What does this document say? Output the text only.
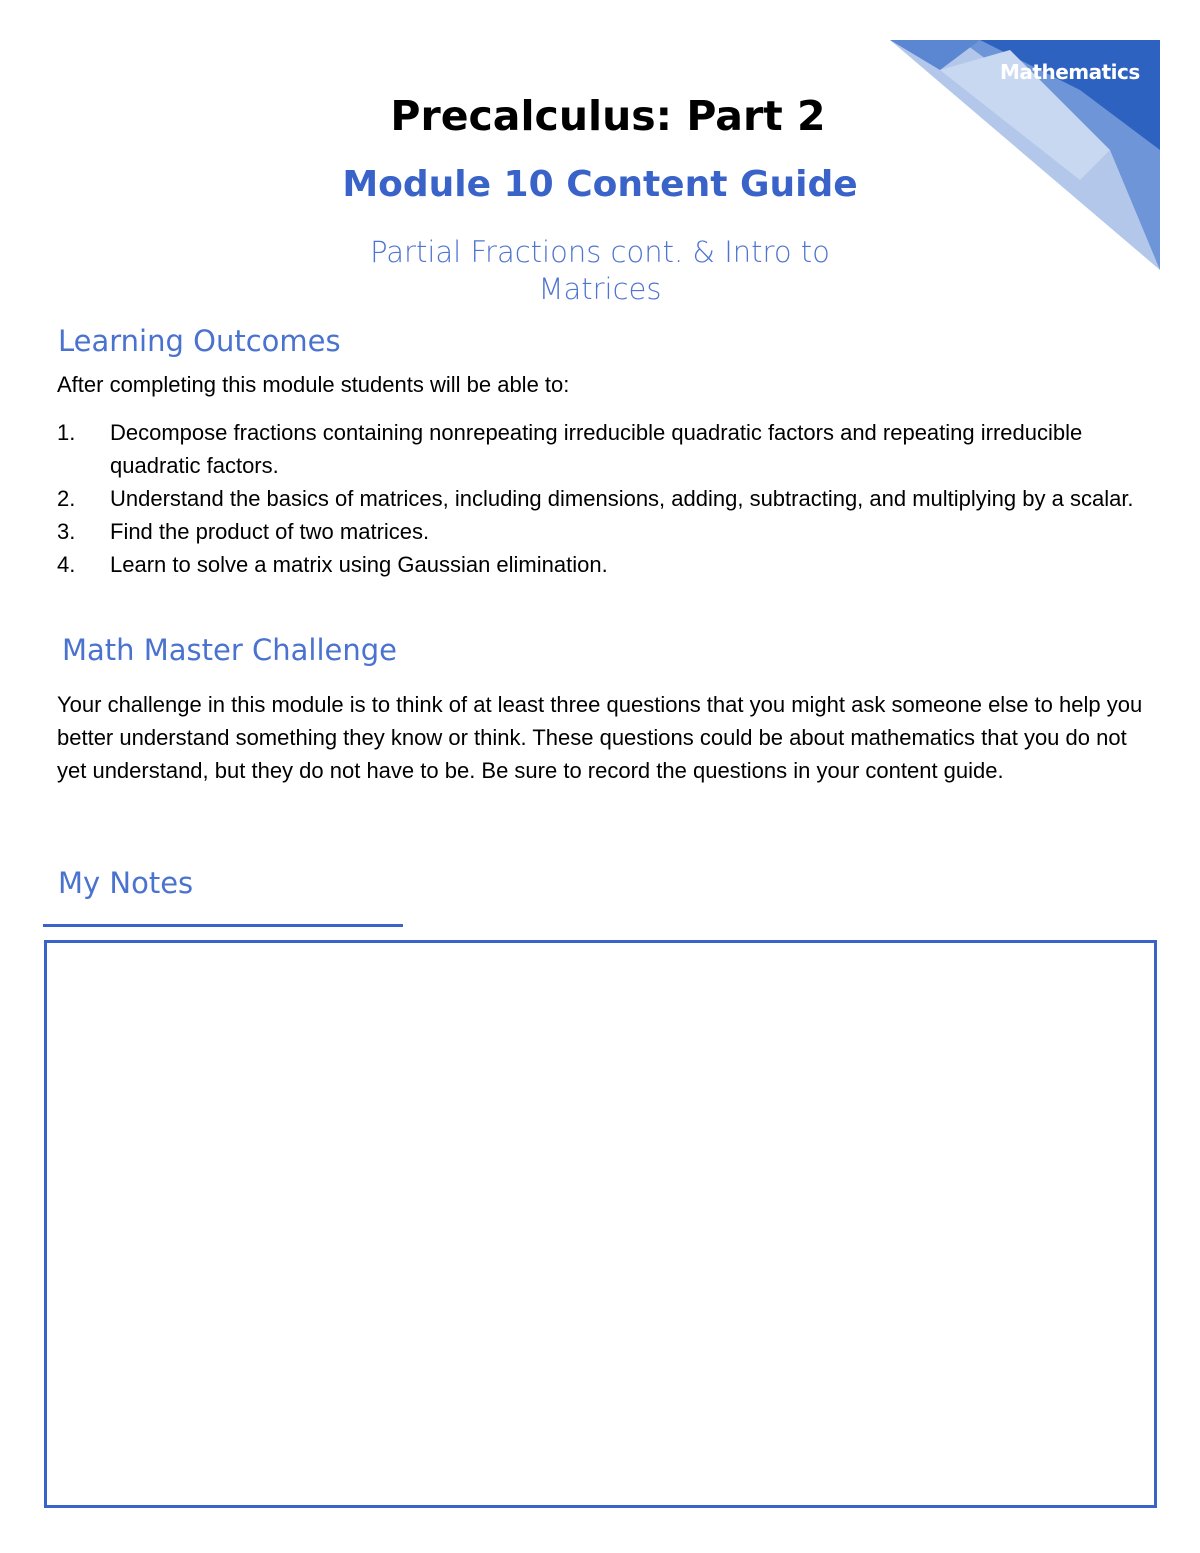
Mathematics
Precalculus: Part 2
Module 10 Content Guide
Partial Fractions cont. & Intro to
Matrices
Learning Outcomes

After completing this module students will be able to:

1.	Decompose fractions containing nonrepeating irreducible quadratic factors and repeating irreducible quadratic factors.
2.	Understand the basics of matrices, including dimensions, adding, subtracting, and multiplying by a scalar.
3.	Find the product of two matrices.
4.	Learn to solve a matrix using Gaussian elimination.
Math Master Challenge

Your challenge in this module is to think of at least three questions that you might ask someone else to help you better understand something they know or think. These questions could be about mathematics that you do not yet understand, but they do not have to be. Be sure to record the questions in your content guide.

My Notes
